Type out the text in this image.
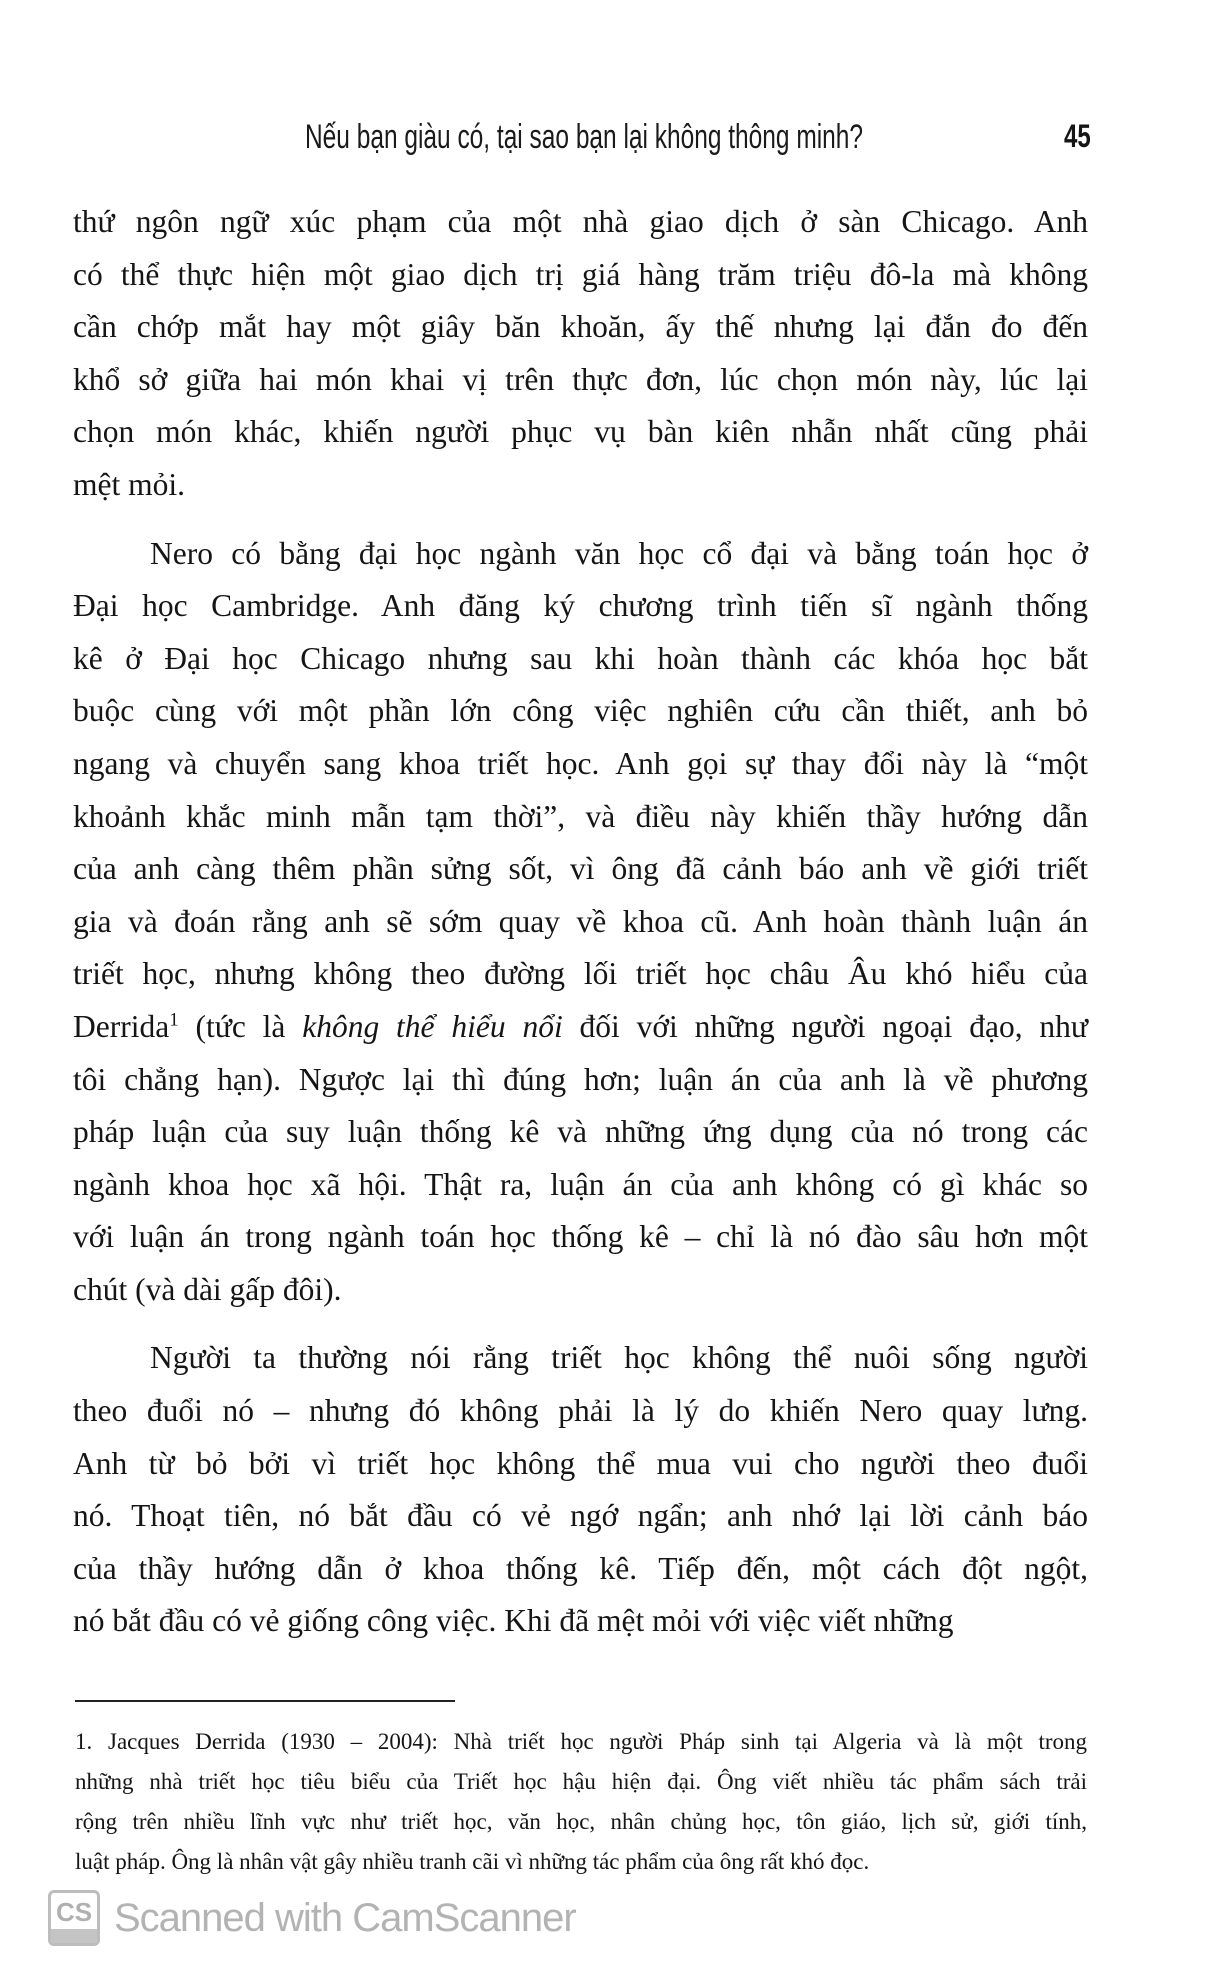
Nếu bạn giàu có, tại sao bạn lại không thông minh?	45
thứ ngôn ngữ xúc phạm của một nhà giao dịch ở sàn Chicago. Anh
có thể thực hiện một giao dịch trị giá hàng trăm triệu đô-la mà không
cần chớp mắt hay một giây băn khoăn, ấy thế nhưng lại đắn đo đến
khổ sở giữa hai món khai vị trên thực đơn, lúc chọn món này, lúc lại
chọn món khác, khiến người phục vụ bàn kiên nhẫn nhất cũng phải
mệt mỏi.
Nero có bằng đại học ngành văn học cổ đại và bằng toán học ở
Đại học Cambridge. Anh đăng ký chương trình tiến sĩ ngành thống
kê ở Đại học Chicago nhưng sau khi hoàn thành các khóa học bắt
buộc cùng với một phần lớn công việc nghiên cứu cần thiết, anh bỏ
ngang và chuyển sang khoa triết học. Anh gọi sự thay đổi này là “một
khoảnh khắc minh mẫn tạm thời”, và điều này khiến thầy hướng dẫn
của anh càng thêm phần sửng sốt, vì ông đã cảnh báo anh về giới triết
gia và đoán rằng anh sẽ sớm quay về khoa cũ. Anh hoàn thành luận án
triết học, nhưng không theo đường lối triết học châu Âu khó hiểu của
Derrida$^1$ (tức là không thể hiểu nổi đối với những người ngoại đạo, như
tôi chẳng hạn). Ngược lại thì đúng hơn; luận án của anh là về phương
pháp luận của suy luận thống kê và những ứng dụng của nó trong các
ngành khoa học xã hội. Thật ra, luận án của anh không có gì khác so
với luận án trong ngành toán học thống kê – chỉ là nó đào sâu hơn một
chút (và dài gấp đôi).
Người ta thường nói rằng triết học không thể nuôi sống người
theo đuổi nó – nhưng đó không phải là lý do khiến Nero quay lưng.
Anh từ bỏ bởi vì triết học không thể mua vui cho người theo đuổi
nó. Thoạt tiên, nó bắt đầu có vẻ ngớ ngẩn; anh nhớ lại lời cảnh báo
của thầy hướng dẫn ở khoa thống kê. Tiếp đến, một cách đột ngột,
nó bắt đầu có vẻ giống công việc. Khi đã mệt mỏi với việc viết những
1. Jacques Derrida (1930 – 2004): Nhà triết học người Pháp sinh tại Algeria và là một trong
những nhà triết học tiêu biểu của Triết học hậu hiện đại. Ông viết nhiều tác phẩm sách trải
rộng trên nhiều lĩnh vực như triết học, văn học, nhân chủng học, tôn giáo, lịch sử, giới tính,
luật pháp. Ông là nhân vật gây nhiều tranh cãi vì những tác phẩm của ông rất khó đọc.
CS Scanned with CamScanner
